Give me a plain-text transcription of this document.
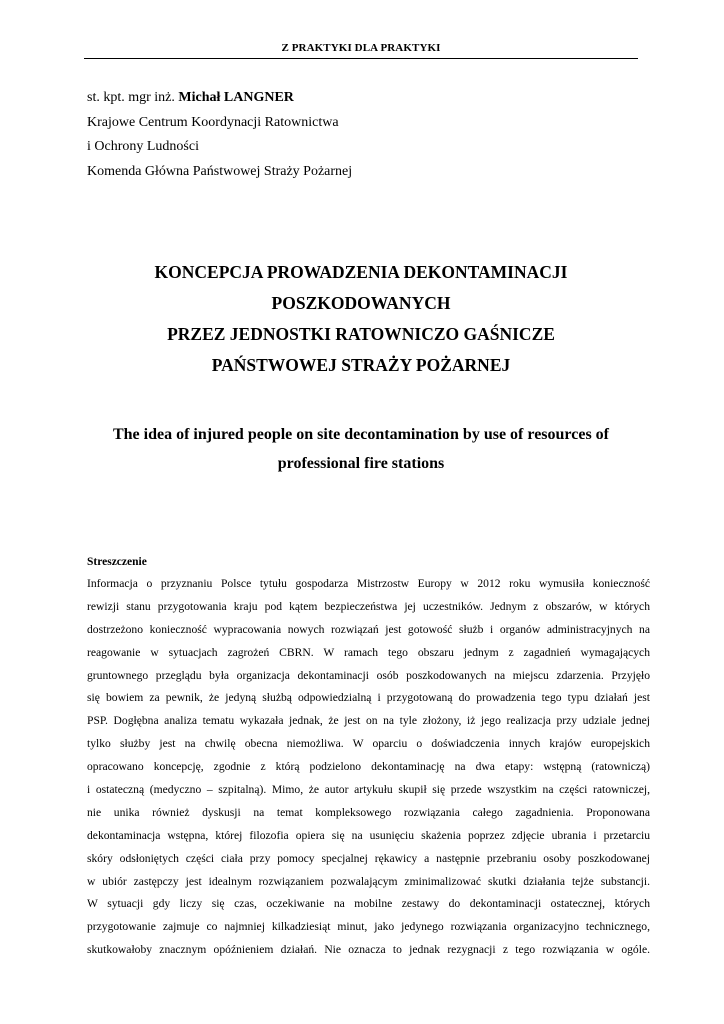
Z PRAKTYKI DLA PRAKTYKI
st. kpt. mgr inż. Michał LANGNER
Krajowe Centrum Koordynacji Ratownictwa
i Ochrony Ludności
Komenda Główna Państwowej Straży Pożarnej
KONCEPCJA PROWADZENIA DEKONTAMINACJI
POSZKODOWANYCH
PRZEZ JEDNOSTKI RATOWNICZO GAŚNICZE
PAŃSTWOWEJ STRAŻY POŻARNEJ
The idea of injured people on site decontamination by use of resources of
professional fire stations
Streszczenie
Informacja o przyznaniu Polsce tytułu gospodarza Mistrzostw Europy w 2012 roku wymusiła konieczność
rewizji stanu przygotowania kraju pod kątem bezpieczeństwa jej uczestników. Jednym z obszarów, w których
dostrzeżono konieczność wypracowania nowych rozwiązań jest gotowość służb i organów administracyjnych na
reagowanie w sytuacjach zagrożeń CBRN. W ramach tego obszaru jednym z zagadnień wymagających
gruntownego przeglądu była organizacja dekontaminacji osób poszkodowanych na miejscu zdarzenia. Przyjęło
się bowiem za pewnik, że jedyną służbą odpowiedzialną i przygotowaną do prowadzenia tego typu działań jest
PSP. Dogłębna analiza tematu wykazała jednak, że jest on na tyle złożony, iż jego realizacja przy udziale jednej
tylko służby jest na chwilę obecna niemożliwa. W oparciu o doświadczenia innych krajów europejskich
opracowano koncepcję, zgodnie z którą podzielono dekontaminację na dwa etapy: wstępną (ratowniczą)
i ostateczną (medyczno – szpitalną). Mimo, że autor artykułu skupił się przede wszystkim na części ratowniczej,
nie unika również dyskusji na temat kompleksowego rozwiązania całego zagadnienia. Proponowana
dekontaminacja wstępna, której filozofia opiera się na usunięciu skażenia poprzez zdjęcie ubrania i przetarciu
skóry odsłoniętych części ciała przy pomocy specjalnej rękawicy a następnie przebraniu osoby poszkodowanej
w ubiór zastępczy jest idealnym rozwiązaniem pozwalającym zminimalizować skutki działania tejże substancji.
W sytuacji gdy liczy się czas, oczekiwanie na mobilne zestawy do dekontaminacji ostatecznej, których
przygotowanie zajmuje co najmniej kilkadziesiąt minut, jako jedynego rozwiązania organizacyjno technicznego,
skutkowałoby znacznym opóźnieniem działań. Nie oznacza to jednak rezygnacji z tego rozwiązania w ogóle.
